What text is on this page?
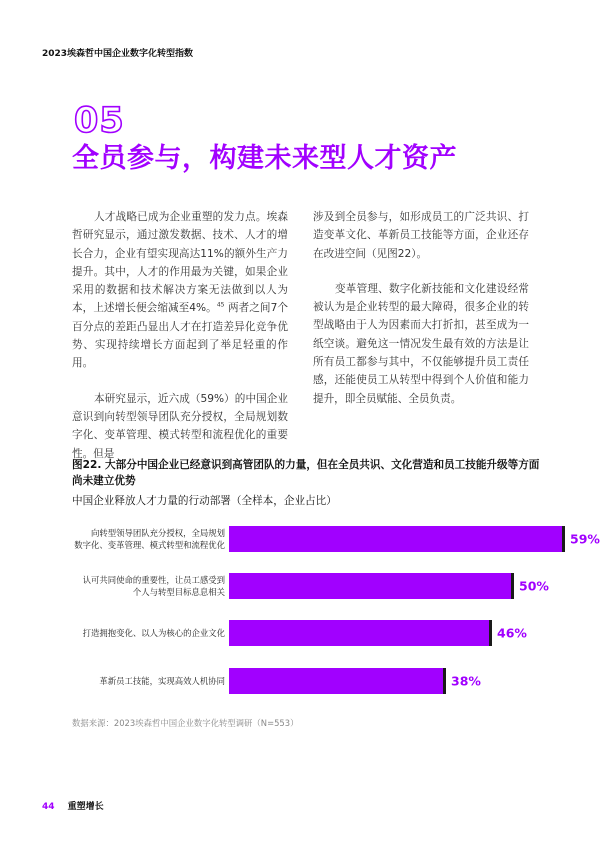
2023埃森哲中国企业数字化转型指数
05
全员参与，构建未来型人才资产

人才战略已成为企业重塑的发力点。埃森哲研究显示，通过激发数据、技术、人才的增长合力，企业有望实现高达11%的额外生产力提升。其中，人才的作用最为关键，如果企业采用的数据和技术解决方案无法做到以人为本，上述增长便会缩减至4%。$^{45}$ 两者之间7个百分点的差距凸显出人才在打造差异化竞争优势、实现持续增长方面起到了举足轻重的作用。

本研究显示，近六成（59%）的中国企业意识到向转型领导团队充分授权，全局规划数字化、变革管理、模式转型和流程优化的重要性。但是

涉及到全员参与，如形成员工的广泛共识、打造变革文化、革新员工技能等方面，企业还存在改进空间（见图22）。

变革管理、数字化新技能和文化建设经常被认为是企业转型的最大障碍，很多企业的转型战略由于人为因素而大打折扣，甚至成为一纸空谈。避免这一情况发生最有效的方法是让所有员工都参与其中，不仅能够提升员工责任感，还能使员工从转型中得到个人价值和能力提升，即全员赋能、全员负责。

图22. 大部分中国企业已经意识到高管团队的力量，但在全员共识、文化营造和员工技能升级等方面尚未建立优势
中国企业释放人才力量的行动部署（全样本，企业占比）
向转型领导团队充分授权，全局规划
数字化、变革管理、模式转型和流程优化	59%
认可共同使命的重要性，让员工感受到
个人与转型目标息息相关	50%
打造拥抱变化、以人为核心的企业文化	46%
革新员工技能，实现高效人机协同	38%
数据来源：2023埃森哲中国企业数字化转型调研（N=553）
44 重塑增长
